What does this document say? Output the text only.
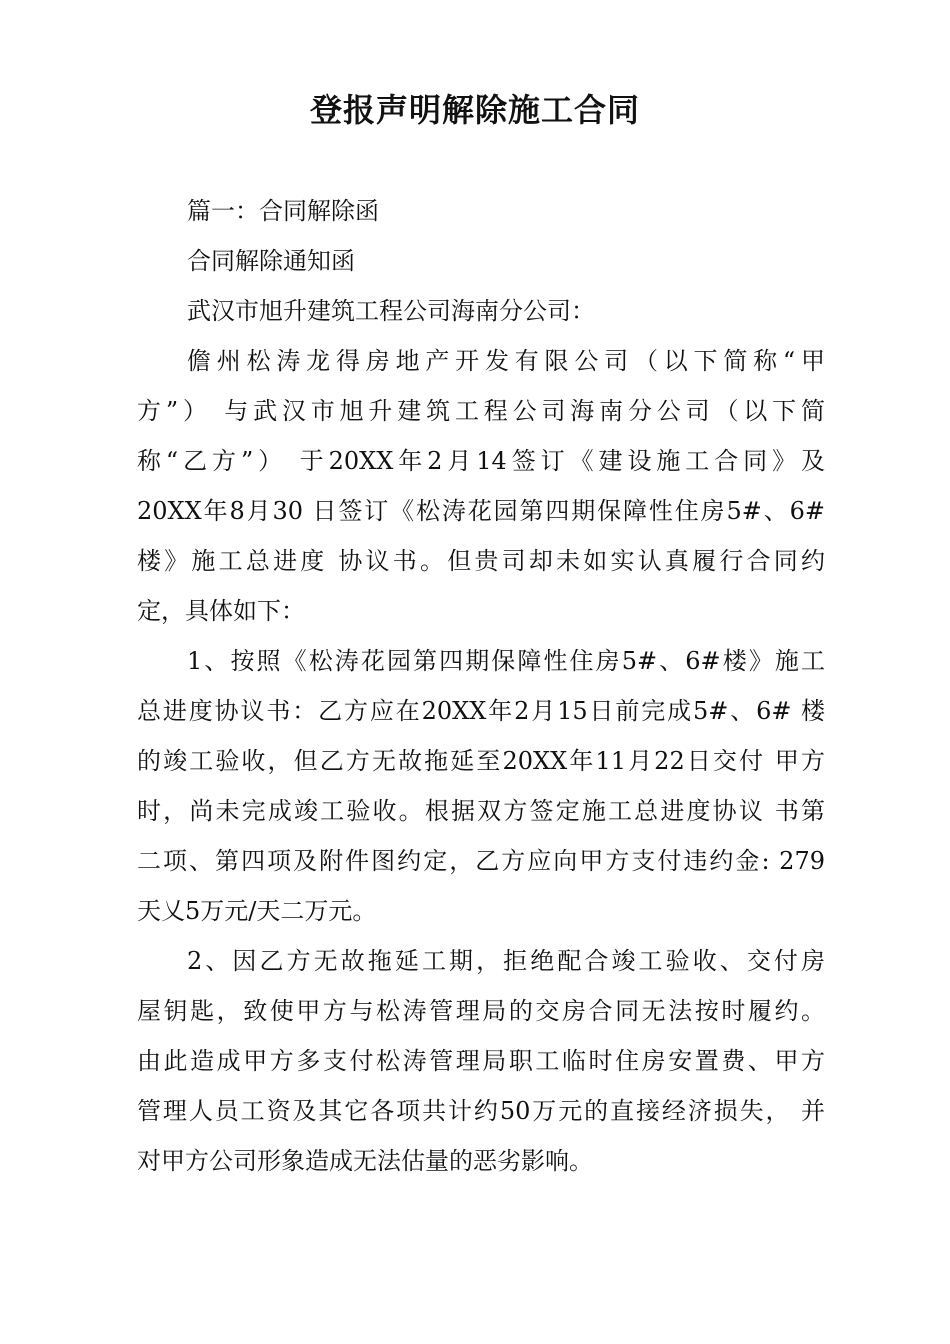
登报声明解除施工合同
篇一：合同解除函
合同解除通知函
武汉市旭升建筑工程公司海南分公司：
儋州松涛龙得房地产开发有限公司（以下简称“甲
方”） 与武汉市旭升建筑工程公司海南分公司（以下简
称“乙方”） 于20XX年2月14签订《建设施工合同》及
20XX年8月30 日签订《松涛花园第四期保障性住房5#、6#
楼》施工总进度 协议书。但贵司却未如实认真履行合同约
定，具体如下：
1、按照《松涛花园第四期保障性住房5#、6#楼》施工
总进度协议书：乙方应在20XX年2月15日前完成5#、6# 楼
的竣工验收，但乙方无故拖延至20XX年11月22日交付 甲方
时，尚未完成竣工验收。根据双方签定施工总进度协议 书第
二项、第四项及附件图约定，乙方应向甲方支付违约金: 279
天乂5万元/天二万元。
2、因乙方无故拖延工期，拒绝配合竣工验收、交付房
屋钥匙，致使甲方与松涛管理局的交房合同无法按时履约。
由此造成甲方多支付松涛管理局职工临时住房安置费、甲方
管理人员工资及其它各项共计约50万元的直接经济损失， 并
对甲方公司形象造成无法估量的恶劣影响。
